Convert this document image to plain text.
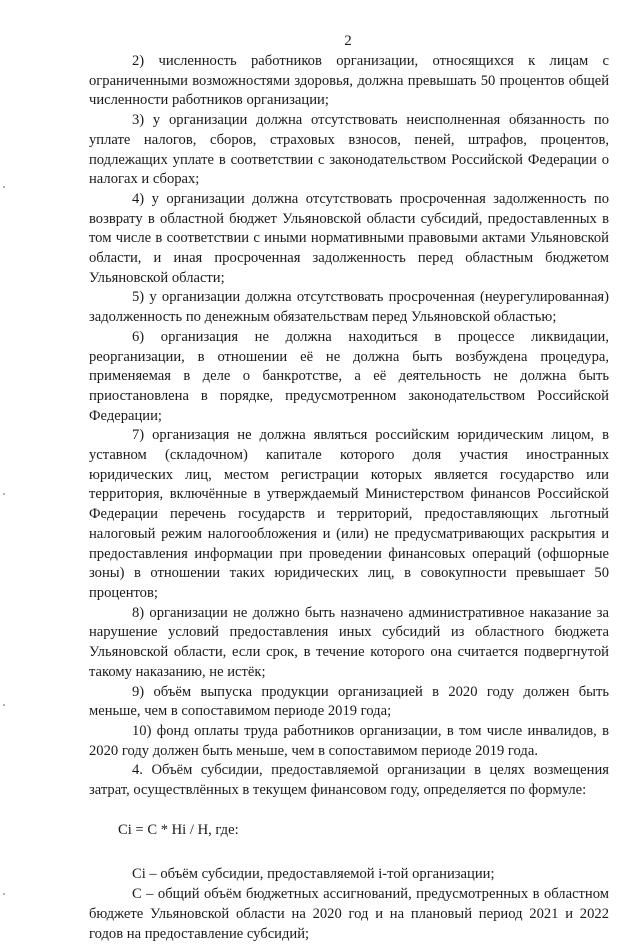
2

2) численность работников организации, относящихся к лицам с ограниченными возможностями здоровья, должна превышать 50 процентов общей численности работников организации;

3) у организации должна отсутствовать неисполненная обязанность по уплате налогов, сборов, страховых взносов, пеней, штрафов, процентов, подлежащих уплате в соответствии с законодательством Российской Федерации о налогах и сборах;

4) у организации должна отсутствовать просроченная задолженность по возврату в областной бюджет Ульяновской области субсидий, предоставленных в том числе в соответствии с иными нормативными правовыми актами Ульяновской области, и иная просроченная задолженность перед областным бюджетом Ульяновской области;

5) у организации должна отсутствовать просроченная (неурегулированная) задолженность по денежным обязательствам перед Ульяновской областью;

6) организация не должна находиться в процессе ликвидации, реорганизации, в отношении её не должна быть возбуждена процедура, применяемая в деле о банкротстве, а её деятельность не должна быть приостановлена в порядке, предусмотренном законодательством Российской Федерации;

7) организация не должна являться российским юридическим лицом, в уставном (складочном) капитале которого доля участия иностранных юридических лиц, местом регистрации которых является государство или территория, включённые в утверждаемый Министерством финансов Российской Федерации перечень государств и территорий, предоставляющих льготный налоговый режим налогообложения и (или) не предусматривающих раскрытия и предоставления информации при проведении финансовых операций (офшорные зоны) в отношении таких юридических лиц, в совокупности превышает 50 процентов;

8) организации не должно быть назначено административное наказание за нарушение условий предоставления иных субсидий из областного бюджета Ульяновской области, если срок, в течение которого она считается подвергнутой такому наказанию, не истёк;

9) объём выпуска продукции организацией в 2020 году должен быть меньше, чем в сопоставимом периоде 2019 года;

10) фонд оплаты труда работников организации, в том числе инвалидов, в 2020 году должен быть меньше, чем в сопоставимом периоде 2019 года.

4. Объём субсидии, предоставляемой организации в целях возмещения затрат, осуществлённых в текущем финансовом году, определяется по формуле:

Ci = C * Hi / H, где:

Ci – объём субсидии, предоставляемой i-той организации;

C – общий объём бюджетных ассигнований, предусмотренных в областном бюджете Ульяновской области на 2020 год и на плановый период 2021 и 2022 годов на предоставление субсидий;
